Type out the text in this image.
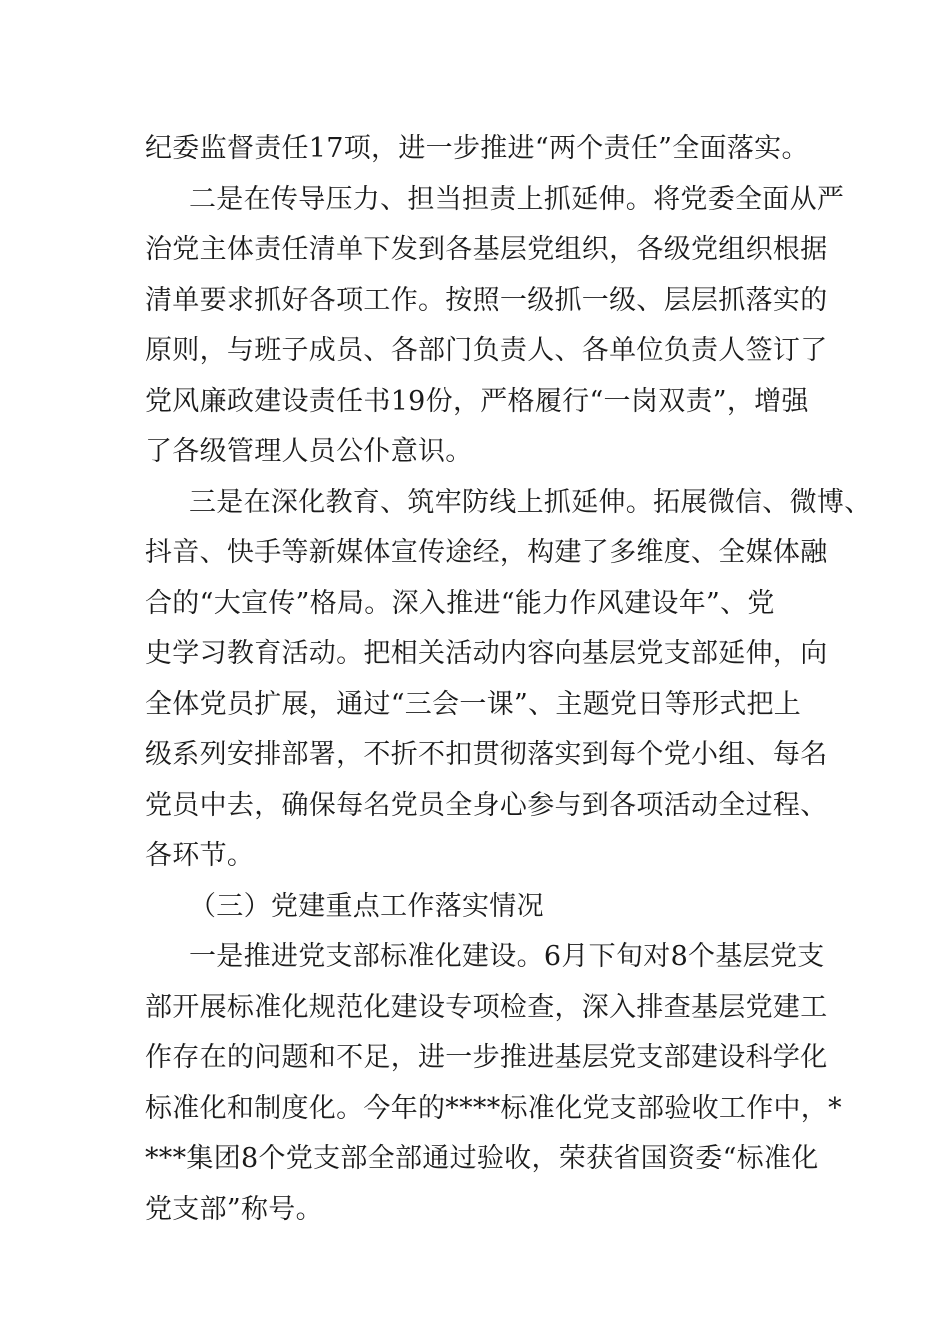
纪委监督责任17项，进一步推进“两个责任”全面落实。
二是在传导压力、担当担责上抓延伸。将党委全面从严
治党主体责任清单下发到各基层党组织，各级党组织根据
清单要求抓好各项工作。按照一级抓一级、层层抓落实的
原则，与班子成员、各部门负责人、各单位负责人签订了
党风廉政建设责任书19份，严格履行“一岗双责”，增强
了各级管理人员公仆意识。
三是在深化教育、筑牢防线上抓延伸。拓展微信、微博、
抖音、快手等新媒体宣传途经，构建了多维度、全媒体融
合的“大宣传”格局。深入推进“能力作风建设年”、党
史学习教育活动。把相关活动内容向基层党支部延伸，向
全体党员扩展，通过“三会一课”、主题党日等形式把上
级系列安排部署，不折不扣贯彻落实到每个党小组、每名
党员中去，确保每名党员全身心参与到各项活动全过程、
各环节。
（三）党建重点工作落实情况
一是推进党支部标准化建设。6月下旬对8个基层党支
部开展标准化规范化建设专项检查，深入排查基层党建工
作存在的问题和不足，进一步推进基层党支部建设科学化
标准化和制度化。今年的****标准化党支部验收工作中，*
***集团8个党支部全部通过验收，荣获省国资委“标准化
党支部”称号。
